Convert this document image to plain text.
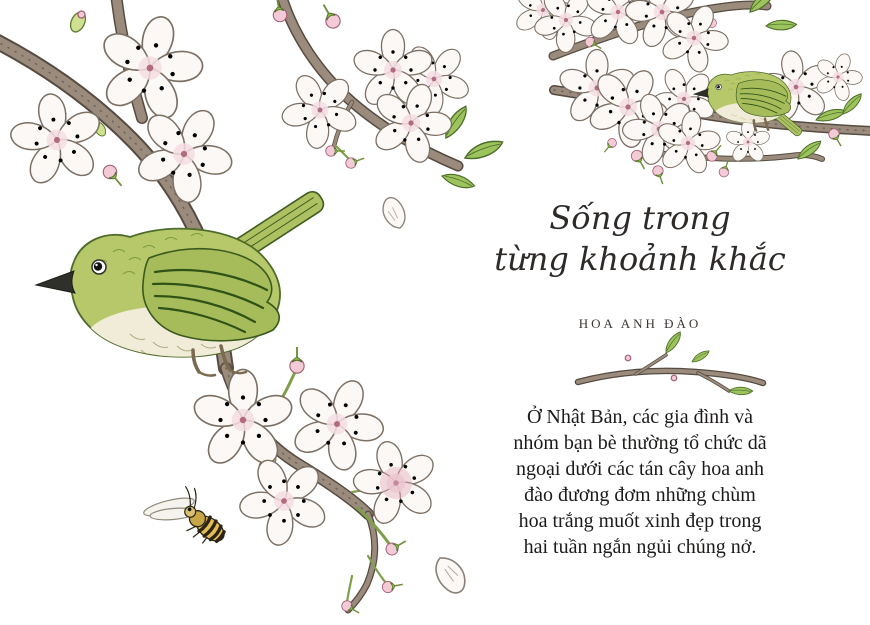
Sống trong
từng khoảnh khắc
HOA ANH ĐÀO
Ở Nhật Bản, các gia đình và
nhóm bạn bè thường tổ chức dã
ngoại dưới các tán cây hoa anh
đào đương đơm những chùm
hoa trắng muốt xinh đẹp trong
hai tuần ngắn ngủi chúng nở.
